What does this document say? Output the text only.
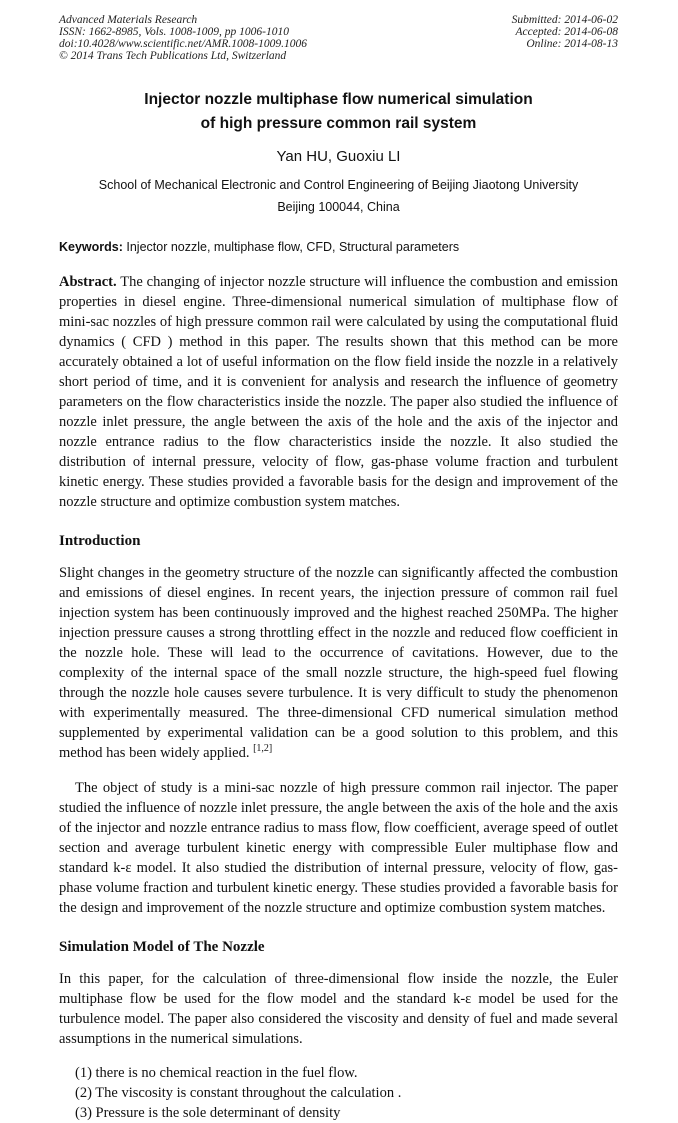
Advanced Materials Research
ISSN: 1662-8985, Vols. 1008-1009, pp 1006-1010
doi:10.4028/www.scientific.net/AMR.1008-1009.1006
© 2014 Trans Tech Publications Ltd, Switzerland
Submitted: 2014-06-02
Accepted: 2014-06-08
Online: 2014-08-13
Injector nozzle multiphase flow numerical simulation
of high pressure common rail system
Yan HU, Guoxiu LI
School of Mechanical Electronic and Control Engineering of Beijing Jiaotong University
Beijing 100044, China
Keywords: Injector nozzle, multiphase flow, CFD, Structural parameters

Abstract. The changing of injector nozzle structure will influence the combustion and emission properties in diesel engine. Three-dimensional numerical simulation of multiphase flow of mini-sac nozzles of high pressure common rail were calculated by using the computational fluid dynamics ( CFD ) method in this paper. The results shown that this method can be more accurately obtained a lot of useful information on the flow field inside the nozzle in a relatively short period of time, and it is convenient for analysis and research the influence of geometry parameters on the flow characteristics inside the nozzle. The paper also studied the influence of nozzle inlet pressure, the angle between the axis of the hole and the axis of the injector and nozzle entrance radius to the flow characteristics inside the nozzle. It also studied the distribution of internal pressure, velocity of flow, gas-phase volume fraction and turbulent kinetic energy. These studies provided a favorable basis for the design and improvement of the nozzle structure and optimize combustion system matches.

Introduction

Slight changes in the geometry structure of the nozzle can significantly affected the combustion and emissions of diesel engines. In recent years, the injection pressure of common rail fuel injection system has been continuously improved and the highest reached 250MPa. The higher injection pressure causes a strong throttling effect in the nozzle and reduced flow coefficient in the nozzle hole. These will lead to the occurrence of cavitations. However, due to the complexity of the internal space of the small nozzle structure, the high-speed fuel flowing through the nozzle hole causes severe turbulence. It is very difficult to study the phenomenon with experimentally measured. The three-dimensional CFD numerical simulation method supplemented by experimental validation can be a good solution to this problem, and this method has been widely applied. [1,2]

The object of study is a mini-sac nozzle of high pressure common rail injector. The paper studied the influence of nozzle inlet pressure, the angle between the axis of the hole and the axis of the injector and nozzle entrance radius to mass flow, flow coefficient, average speed of outlet section and average turbulent kinetic energy with compressible Euler multiphase flow and standard k-ε model. It also studied the distribution of internal pressure, velocity of flow, gas-phase volume fraction and turbulent kinetic energy. These studies provided a favorable basis for the design and improvement of the nozzle structure and optimize combustion system matches.

Simulation Model of The Nozzle

In this paper, for the calculation of three-dimensional flow inside the nozzle, the Euler multiphase flow be used for the flow model and the standard k-ε model be used for the turbulence model. The paper also considered the viscosity and density of fuel and made several assumptions in the numerical simulations.

(1) there is no chemical reaction in the fuel flow.
(2) The viscosity is constant throughout the calculation .
(3) Pressure is the sole determinant of density
